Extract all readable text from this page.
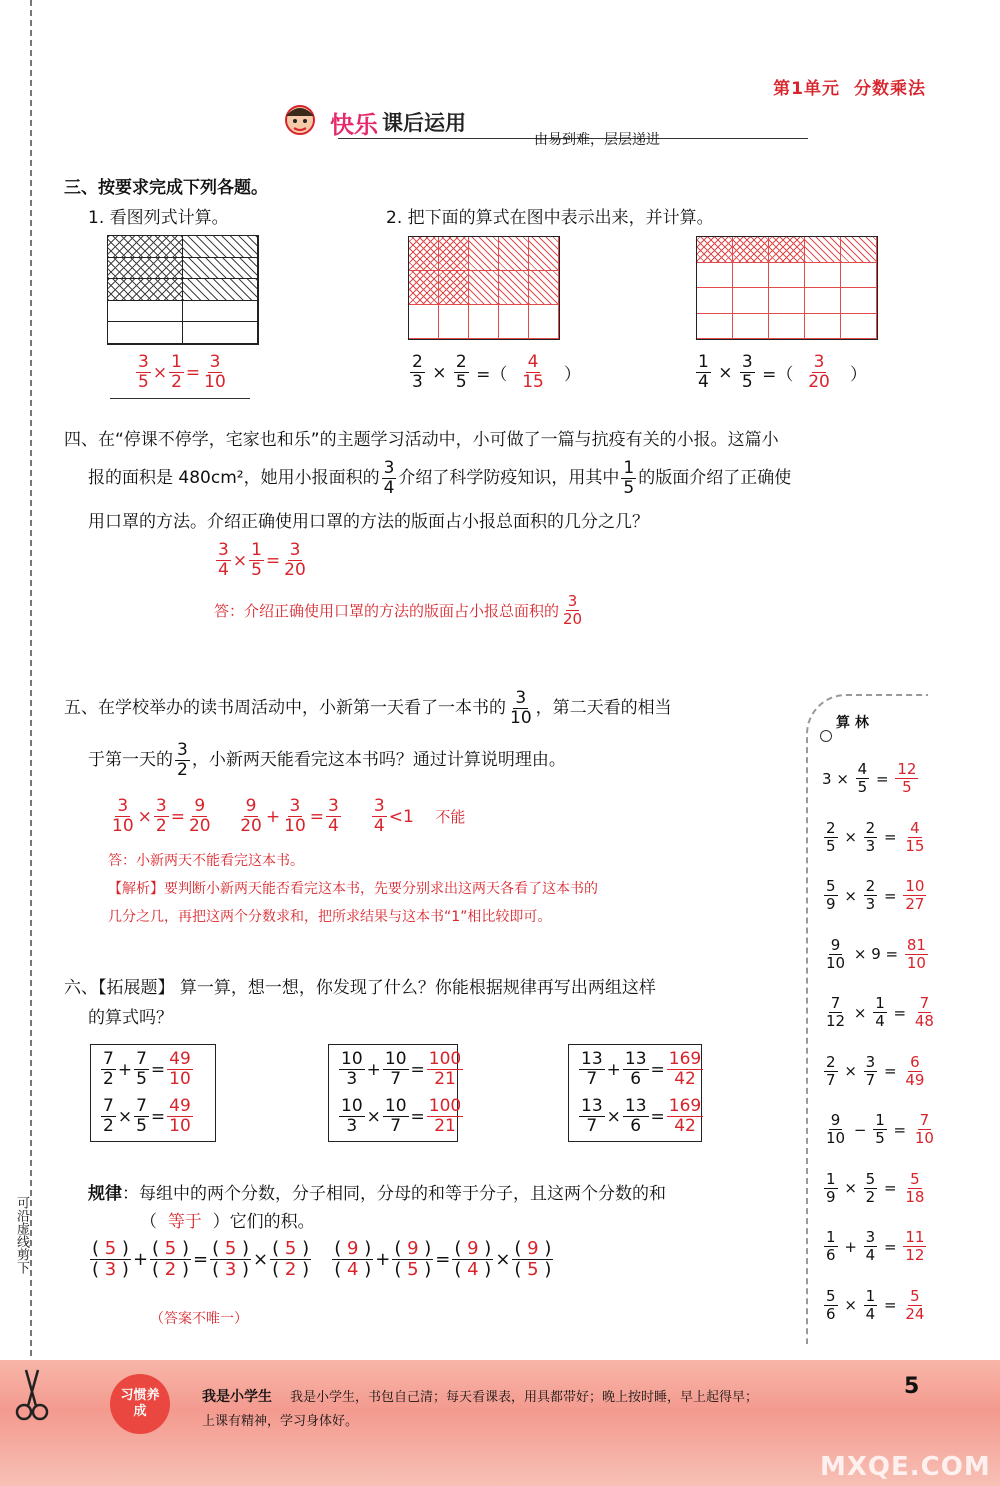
可沿虚线剪下
第1单元 分数乘法
快乐 课后运用
由易到难，层层递进
三、按要求完成下列各题。
1. 看图列式计算。	2. 把下面的算式在图中表示出来，并计算。
$\frac{3}{5} \times \frac{1}{2} = \frac{3}{10}$	$\frac{2}{3} \times \frac{2}{5}$ =（ $\frac{4}{15}$ ）	$\frac{1}{4} \times \frac{3}{5}$ =（ $\frac{3}{20}$ ）
四、在“停课不停学，宅家也和乐”的主题学习活动中，小可做了一篇与抗疫有关的小报。这篇小
报的面积是 480cm²，她用小报面积的 $\frac{3}{4}$ 介绍了科学防疫知识，用其中 $\frac{1}{5}$ 的版面介绍了正确使
用口罩的方法。介绍正确使用口罩的方法的版面占小报总面积的几分之几？
$\frac{3}{4} \times \frac{1}{5} = \frac{3}{20}$
答：介绍正确使用口罩的方法的版面占小报总面积的 $\frac{3}{20}$
五、在学校举办的读书周活动中，小新第一天看了一本书的 $\frac{3}{10}$ ，第二天看的相当
于第一天的 $\frac{3}{2}$ ，小新两天能看完这本书吗？通过计算说明理由。
$\frac{3}{10} \times \frac{3}{2} = \frac{9}{20}$
$\frac{9}{20} + \frac{3}{10} = \frac{3}{4}$
$\frac{3}{4} <1$
不能
答：小新两天不能看完这本书。
【解析】要判断小新两天能否看完这本书，先要分别求出这两天各看了这本书的
几分之几，再把这两个分数求和，把所求结果与这本书“1”相比较即可。
六、【拓展题】 算一算，想一想，你发现了什么？你能根据规律再写出两组这样
的算式吗？
$\frac{7}{2} + \frac{7}{5} = \frac{49}{10}$
$\frac{7}{2} \times \frac{7}{5} = \frac{49}{10}$
$\frac{10}{3} + \frac{10}{7} = \frac{100}{21}$
$\frac{10}{3} \times \frac{10}{7} = \frac{100}{21}$
$\frac{13}{7} + \frac{13}{6} = \frac{169}{42}$
$\frac{13}{7} \times \frac{13}{6} = \frac{169}{42}$
规律：每组中的两个分数，分子相同，分母的和等于分子，且这两个分数的和
（  等于 ）它们的积。
$\frac{( 5 )}{( 3 )} + \frac{( 5 )}{( 2 )} = \frac{( 5 )}{( 3 )} \times \frac{( 5 )}{( 2 )}$
$\frac{( 9 )}{( 4 )} + \frac{( 9 )}{( 5 )} = \frac{( 9 )}{( 4 )} \times \frac{( 9 )}{( 5 )}$
（答案不唯一）
算 林
$3 \times \frac{4}{5} = \frac{12}{5}$
$\frac{2}{5} \times \frac{2}{3} = \frac{4}{15}$
$\frac{5}{9} \times \frac{2}{3} = \frac{10}{27}$
$\frac{9}{10} \times 9 = \frac{81}{10}$
$\frac{7}{12} \times \frac{1}{4} = \frac{7}{48}$
$\frac{2}{7} \times \frac{3}{7} = \frac{6}{49}$
$\frac{9}{10} - \frac{1}{5} = \frac{7}{10}$
$\frac{1}{9} \times \frac{5}{2} = \frac{5}{18}$
$\frac{1}{6} + \frac{3}{4} = \frac{11}{12}$
$\frac{5}{6} \times \frac{1}{4} = \frac{5}{24}$
习惯养成
我是小学生 我是小学生，书包自己清；每天看课表，用具都带好；晚上按时睡，早上起得早；
上课有精神，学习身体好。
5
MXQE.COM
